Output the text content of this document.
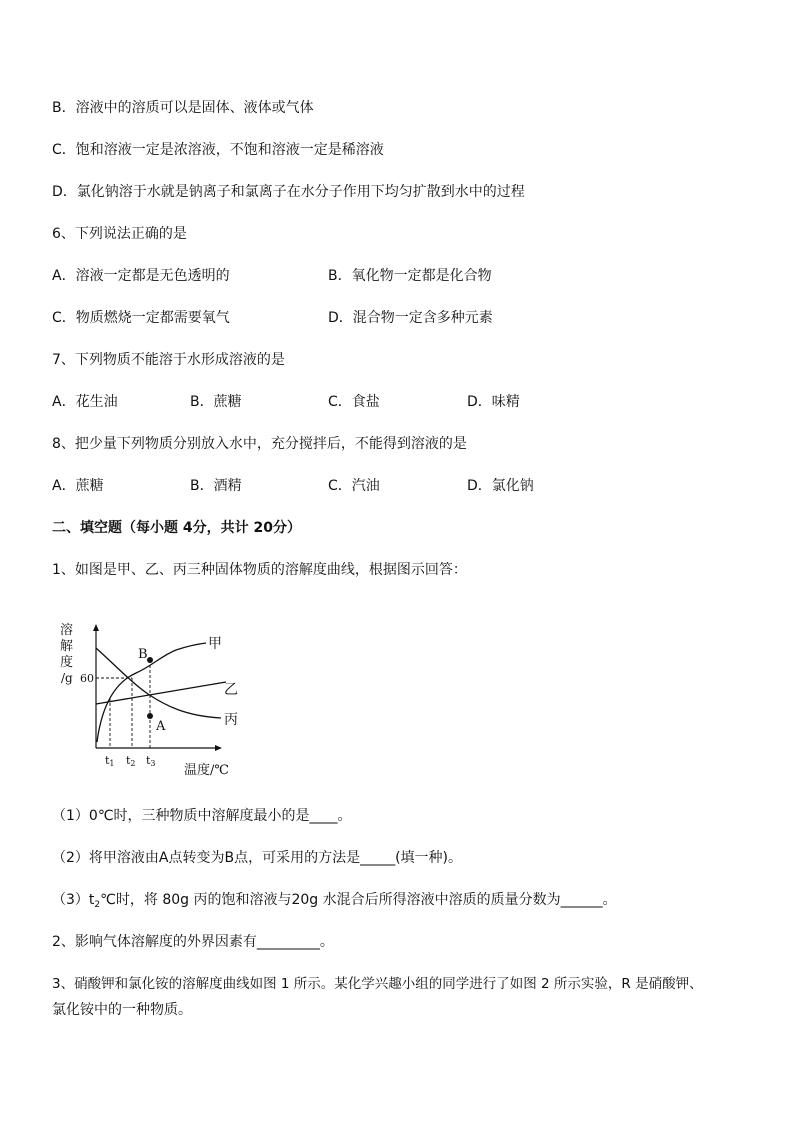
B．溶液中的溶质可以是固体、液体或气体
C．饱和溶液一定是浓溶液，不饱和溶液一定是稀溶液
D．氯化钠溶于水就是钠离子和氯离子在水分子作用下均匀扩散到水中的过程
6、下列说法正确的是
A．溶液一定都是无色透明的	B．氧化物一定都是化合物
C．物质燃烧一定都需要氧气	D．混合物一定含多种元素
7、下列物质不能溶于水形成溶液的是
A．花生油	B．蔗糖	C．食盐	D．味精
8、把少量下列物质分别放入水中，充分搅拌后，不能得到溶液的是
A．蔗糖	B．酒精	C．汽油	D．氯化钠
二、填空题（每小题 4分，共计 20分）
1、如图是甲、乙、丙三种固体物质的溶解度曲线，根据图示回答：
溶
解
度
/g 60
B
A
甲
乙
丙
t1 t2 t3 温度/℃
（1）0℃时，三种物质中溶解度最小的是____。
（2）将甲溶液由A点转变为B点，可采用的方法是_____(填一种)。
$(3)t_2℃$时，将 80g 丙的饱和溶液与20g 水混合后所得溶液中溶质的质量分数为______。
2、影响气体溶解度的外界因素有_________。
3、硝酸钾和氯化铵的溶解度曲线如图 1 所示。某化学兴趣小组的同学进行了如图 2 所示实验，R 是硝酸钾、
氯化铵中的一种物质。
